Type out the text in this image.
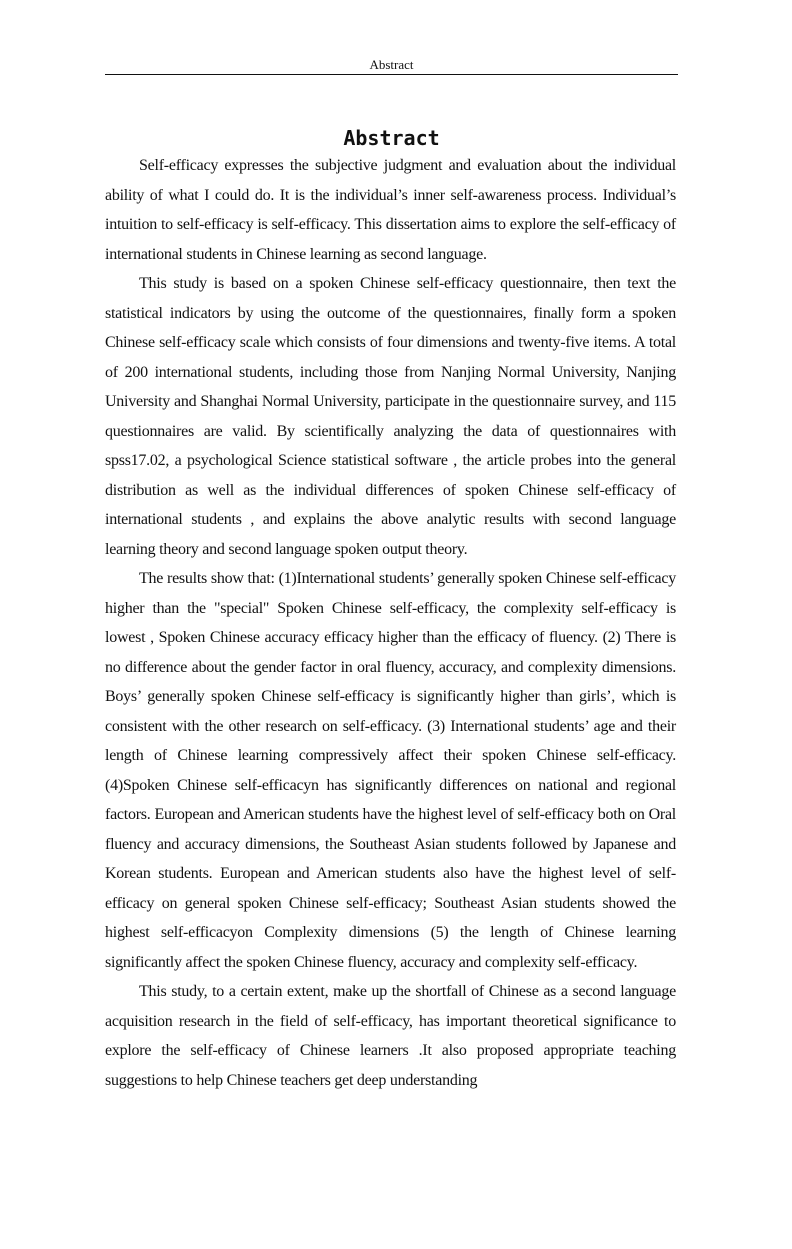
Abstract
Abstract

Self-efficacy expresses the subjective judgment and evaluation about the individual ability of what I could do. It is the individual’s inner self-awareness process. Individual’s intuition to self-efficacy is self-efficacy. This dissertation aims to explore the self-efficacy of international students in Chinese learning as second language.

This study is based on a spoken Chinese self-efficacy questionnaire, then text the statistical indicators by using the outcome of the questionnaires, finally form a spoken Chinese self-efficacy scale which consists of four dimensions and twenty-five items. A total of 200 international students, including those from Nanjing Normal University, Nanjing University and Shanghai Normal University, participate in the questionnaire survey, and 115 questionnaires are valid. By scientifically analyzing the data of questionnaires with spss17.02, a psychological Science statistical software , the article probes into the general distribution as well as the individual differences of spoken Chinese self-efficacy of international students , and explains the above analytic results with second language learning theory and second language spoken output theory.

The results show that: (1)International students’ generally spoken Chinese self-efficacy higher than the "special" Spoken Chinese self-efficacy, the complexity self-efficacy is lowest , Spoken Chinese accuracy efficacy higher than the efficacy of fluency. (2) There is no difference about the gender factor in oral fluency, accuracy, and complexity dimensions. Boys’ generally spoken Chinese self-efficacy is significantly higher than girls’, which is consistent with the other research on self-efficacy. (3) International students’ age and their length of Chinese learning compressively affect their spoken Chinese self-efficacy.(4)Spoken Chinese self-efficacyn has significantly differences on national and regional factors. European and American students have the highest level of self-efficacy both on Oral fluency and accuracy dimensions, the Southeast Asian students followed by Japanese and Korean students. European and American students also have the highest level of self-efficacy on general spoken Chinese self-efficacy; Southeast Asian students showed the highest self-efficacyon Complexity dimensions (5) the length of Chinese learning significantly affect the spoken Chinese fluency, accuracy and complexity self-efficacy.

This study, to a certain extent, make up the shortfall of Chinese as a second language acquisition research in the field of self-efficacy, has important theoretical significance to explore the self-efficacy of Chinese learners .It also proposed appropriate teaching suggestions to help Chinese teachers get deep understanding
